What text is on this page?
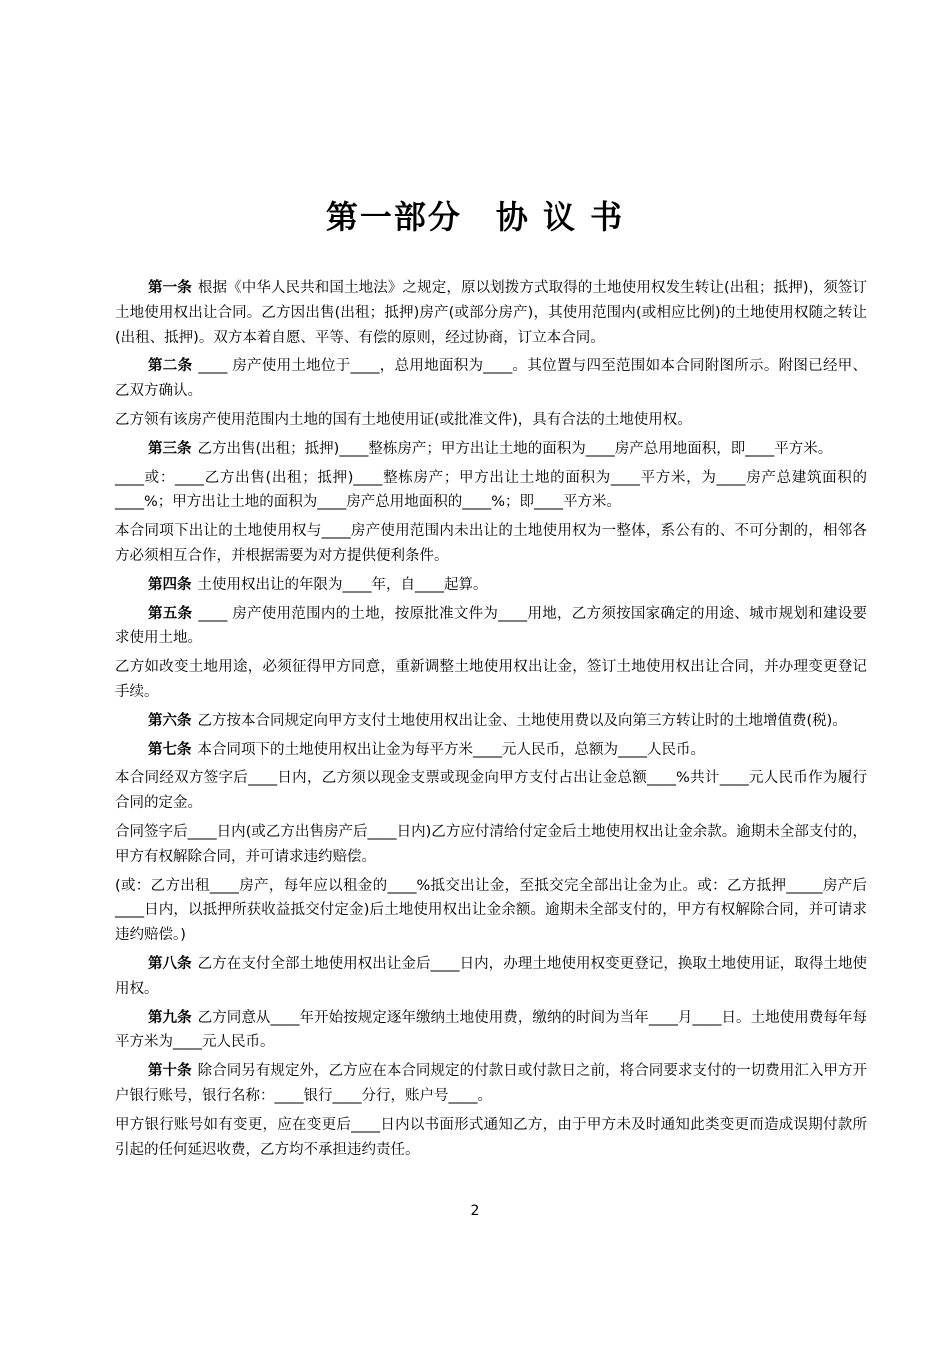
第一部分 协 议 书

第一条 根据《中华人民共和国土地法》之规定，原以划拨方式取得的土地使用权发生转让(出租；抵押)，须签订土地使用权出让合同。乙方因出售(出租；抵押)房产(或部分房产)，其使用范围内(或相应比例)的土地使用权随之转让(出租、抵押)。双方本着自愿、平等、有偿的原则，经过协商，订立本合同。

第二条 ____ 房产使用土地位于____，总用地面积为____。其位置与四至范围如本合同附图所示。附图已经甲、乙双方确认。

乙方领有该房产使用范围内土地的国有土地使用证(或批准文件)，具有合法的土地使用权。

第三条 乙方出售(出租；抵押)____整栋房产；甲方出让土地的面积为____房产总用地面积，即____平方米。

____或：____乙方出售(出租；抵押)____整栋房产；甲方出让土地的面积为____平方米，为____房产总建筑面积的____%；甲方出让土地的面积为____房产总用地面积的____%；即____平方米。

本合同项下出让的土地使用权与____房产使用范围内未出让的土地使用权为一整体，系公有的、不可分割的，相邻各方必须相互合作，并根据需要为对方提供便利条件。

第四条 土使用权出让的年限为____年，自____起算。

第五条 ____ 房产使用范围内的土地，按原批准文件为____用地，乙方须按国家确定的用途、城市规划和建设要求使用土地。

乙方如改变土地用途，必须征得甲方同意，重新调整土地使用权出让金，签订土地使用权出让合同，并办理变更登记手续。

第六条 乙方按本合同规定向甲方支付土地使用权出让金、土地使用费以及向第三方转让时的土地增值费(税)。

第七条 本合同项下的土地使用权出让金为每平方米____元人民币，总额为____人民币。

本合同经双方签字后____日内，乙方须以现金支票或现金向甲方支付占出让金总额____%共计____元人民币作为履行合同的定金。

合同签字后____日内(或乙方出售房产后____日内)乙方应付清给付定金后土地使用权出让金余款。逾期未全部支付的，甲方有权解除合同，并可请求违约赔偿。

(或：乙方出租____房产，每年应以租金的____%抵交出让金，至抵交完全部出让金为止。或：乙方抵押_____房产后____日内，以抵押所获收益抵交付定金)后土地使用权出让金余额。逾期未全部支付的，甲方有权解除合同，并可请求违约赔偿。)

第八条 乙方在支付全部土地使用权出让金后____日内，办理土地使用权变更登记，换取土地使用证，取得土地使用权。

第九条 乙方同意从____年开始按规定逐年缴纳土地使用费，缴纳的时间为当年____月____日。土地使用费每年每平方米为____元人民币。

第十条 除合同另有规定外，乙方应在本合同规定的付款日或付款日之前，将合同要求支付的一切费用汇入甲方开户银行账号，银行名称：____银行____分行，账户号____。

甲方银行账号如有变更，应在变更后____日内以书面形式通知乙方，由于甲方未及时通知此类变更而造成误期付款所引起的任何延迟收费，乙方均不承担违约责任。

2
